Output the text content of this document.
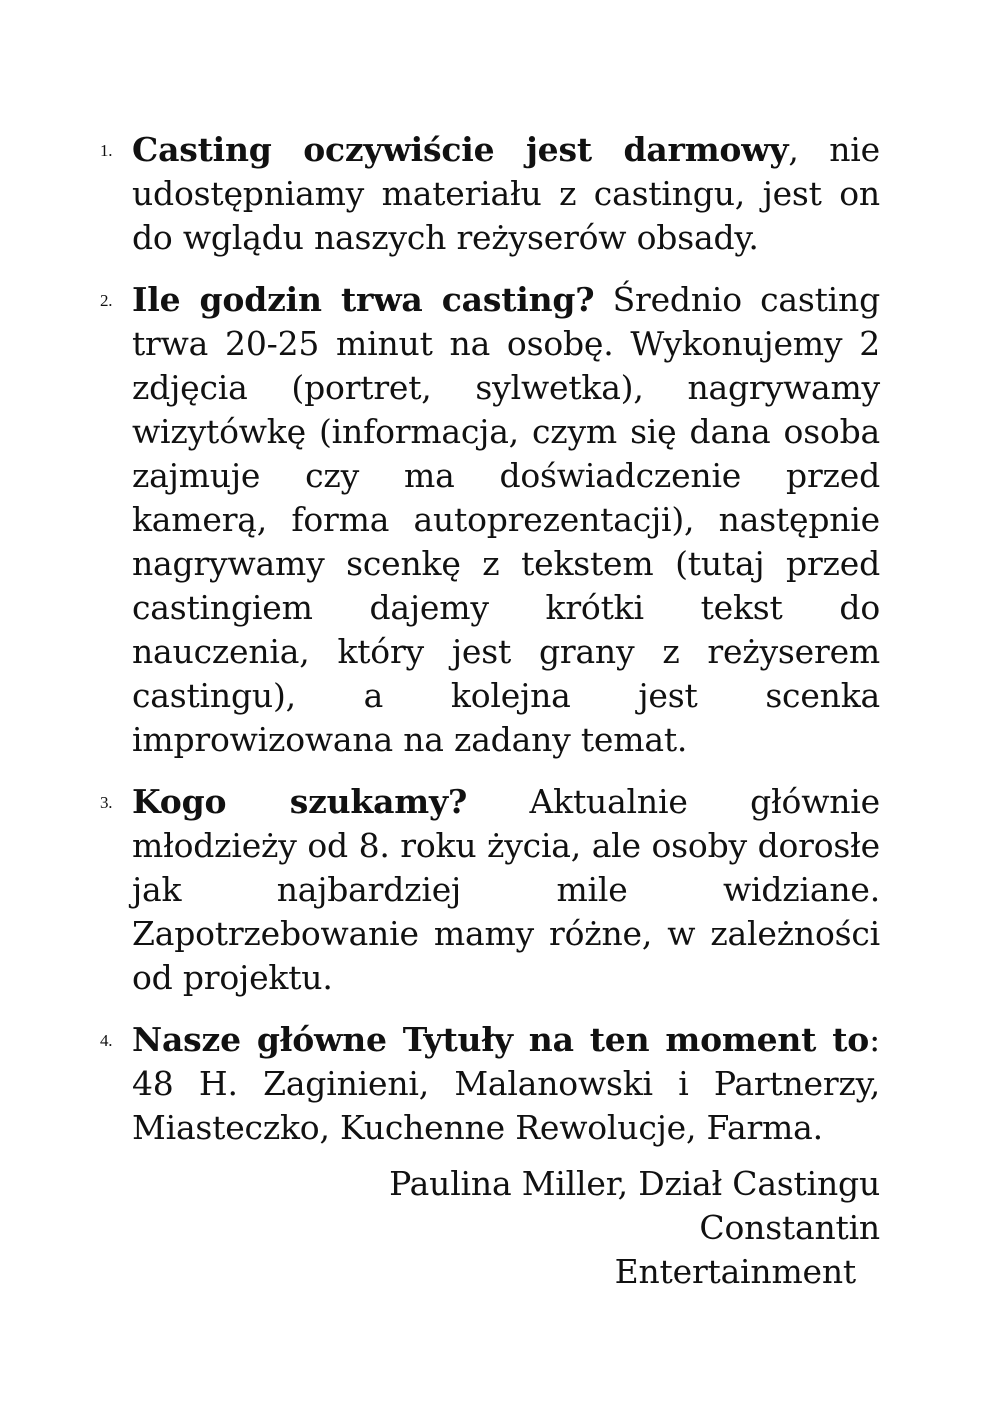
1. Casting oczywiście jest darmowy, nie udostępniamy materiału z castingu, jest on do wglądu naszych reżyserów obsady.
2. Ile godzin trwa casting? Średnio casting trwa 20-25 minut na osobę. Wykonujemy 2 zdjęcia (portret, sylwetka), nagrywamy wizytówkę (informacja, czym się dana osoba zajmuje czy ma doświadczenie przed kamerą, forma autoprezentacji), następnie nagrywamy scenkę z tekstem (tutaj przed castingiem dajemy krótki tekst do nauczenia, który jest grany z reżyserem castingu), a kolejna jest scenka improwizowana na zadany temat.
3. Kogo szukamy? Aktualnie głównie młodzieży od 8. roku życia, ale osoby dorosłe jak najbardziej mile widziane. Zapotrzebowanie mamy różne, w zależności od projektu.
4. Nasze główne Tytuły na ten moment to: 48 H. Zaginieni, Malanowski i Partnerzy, Miasteczko, Kuchenne Rewolucje, Farma.
Paulina Miller, Dział Castingu Constantin
Entertainment
